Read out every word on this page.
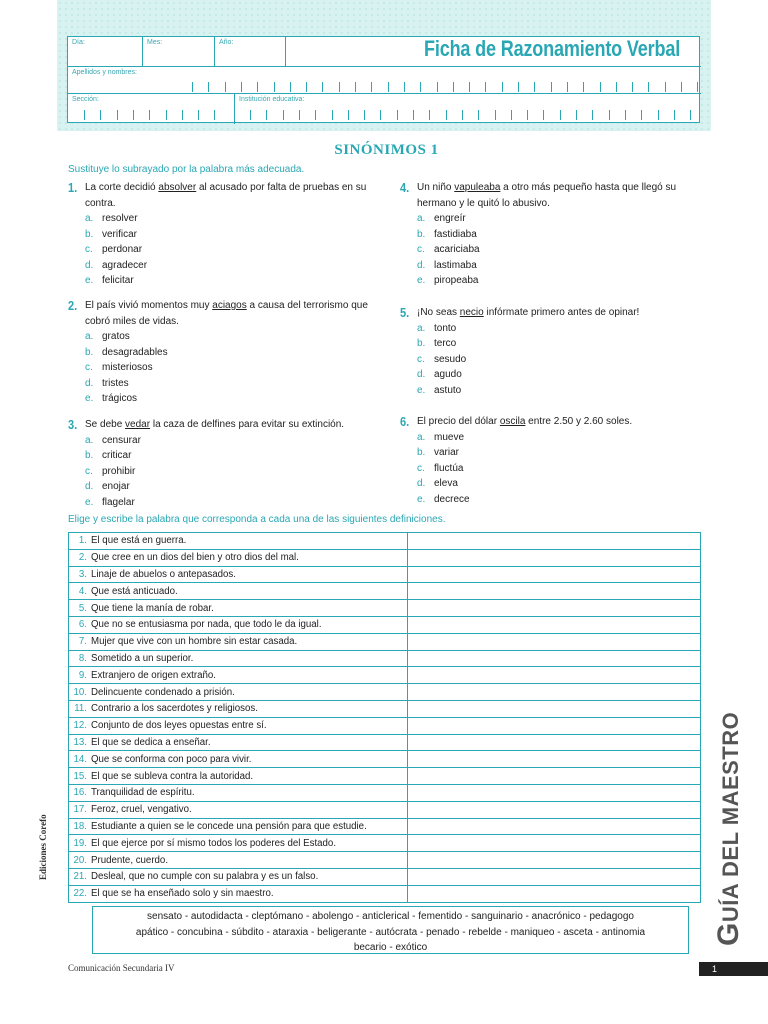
Día:	Mes:	Año:
Apellidos y nombres:
Sección:	Institución educativa:
Ficha de Razonamiento Verbal
SINÓNIMOS 1
Sustituye lo subrayado por la palabra más adecuada.
1. La corte decidió absolver al acusado por falta de pruebas en su contra.
a. resolver
b. verificar
c. perdonar
d. agradecer
e. felicitar
2. El país vivió momentos muy aciagos a causa del terrorismo que cobró miles de vidas.
a. gratos
b. desagradables
c. misteriosos
d. tristes
e. trágicos
3. Se debe vedar la caza de delfines para evitar su extinción.
a. censurar
b. criticar
c. prohibir
d. enojar
e. flagelar
4. Un niño vapuleaba a otro más pequeño hasta que llegó su hermano y le quitó lo abusivo.
a. engreír
b. fastidiaba
c. acariciaba
d. lastimaba
e. piropeaba
5. ¡No seas necio infórmate primero antes de opinar!
a. tonto
b. terco
c. sesudo
d. agudo
e. astuto
6. El precio del dólar oscila entre 2.50 y 2.60 soles.
a. mueve
b. variar
c. fluctúa
d. eleva
e. decrece
Elige y escribe la palabra que corresponda a cada una de las siguientes definiciones.
1. El que está en guerra.	
2. Que cree en un dios del bien y otro dios del mal.	
3. Linaje de abuelos o antepasados.	
4. Que está anticuado.	
5. Que tiene la manía de robar.	
6. Que no se entusiasma por nada, que todo le da igual.	
7. Mujer que vive con un hombre sin estar casada.	
8. Sometido a un superior.	
9. Extranjero de origen extraño.	
10. Delincuente condenado a prisión.	
11. Contrario a los sacerdotes y religiosos.	
12. Conjunto de dos leyes opuestas entre sí.	
13. El que se dedica a enseñar.	
14. Que se conforma con poco para vivir.	
15. El que se subleva contra la autoridad.	
16. Tranquilidad de espíritu.	
17. Feroz, cruel, vengativo.	
18. Estudiante a quien se le concede una pensión para que estudie.	
19. El que ejerce por sí mismo todos los poderes del Estado.	
20. Prudente, cuerdo.	
21. Desleal, que no cumple con su palabra y es un falso.	
22. El que se ha enseñado solo y sin maestro.	
sensato - autodidacta - cleptómano - abolengo - anticlerical - fementido - sanguinario - anacrónico - pedagogo
apático - concubina - súbdito - ataraxia - beligerante - autócrata - penado - rebelde - maniqueo - asceta - antinomia
becario - exótico
Ediciones Corefo
GUÍA DEL MAESTRO
Comunicación Secundaria IV	1
